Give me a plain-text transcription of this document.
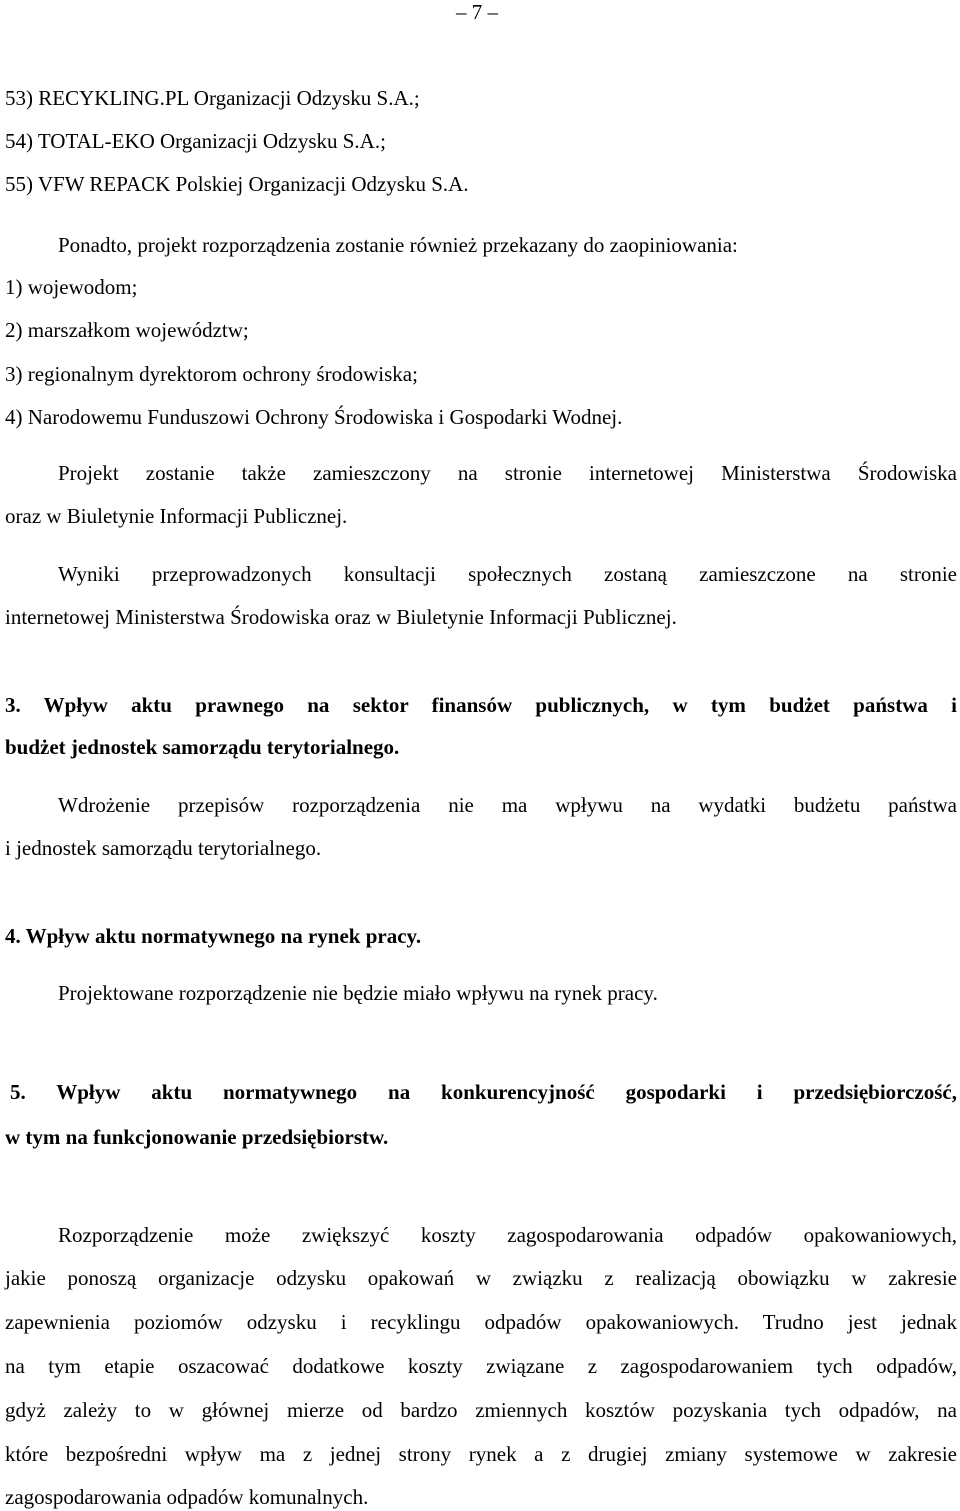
– 7 –
53) RECYKLING.PL Organizacji Odzysku S.A.;
54) TOTAL-EKO Organizacji Odzysku S.A.;
55) VFW REPACK Polskiej Organizacji Odzysku S.A.
Ponadto, projekt rozporządzenia zostanie również przekazany do zaopiniowania:
1) wojewodom;
2) marszałkom województw;
3) regionalnym dyrektorom ochrony środowiska;
4) Narodowemu Funduszowi Ochrony Środowiska i Gospodarki Wodnej.
Projekt zostanie także zamieszczony na stronie internetowej Ministerstwa Środowiska
oraz w Biuletynie Informacji Publicznej.
Wyniki przeprowadzonych konsultacji społecznych zostaną zamieszczone na stronie
internetowej Ministerstwa Środowiska oraz w Biuletynie Informacji Publicznej.
3. Wpływ aktu prawnego na sektor finansów publicznych, w tym budżet państwa i
budżet jednostek samorządu terytorialnego.
Wdrożenie przepisów rozporządzenia nie ma wpływu na wydatki budżetu państwa
i jednostek samorządu terytorialnego.
4. Wpływ aktu normatywnego na rynek pracy.
Projektowane rozporządzenie nie będzie miało wpływu na rynek pracy.
5. Wpływ aktu normatywnego na konkurencyjność gospodarki i przedsiębiorczość,
w tym na funkcjonowanie przedsiębiorstw.
Rozporządzenie może zwiększyć koszty zagospodarowania odpadów opakowaniowych,
jakie ponoszą organizacje odzysku opakowań w związku z realizacją obowiązku w zakresie
zapewnienia poziomów odzysku i recyklingu odpadów opakowaniowych. Trudno jest jednak
na tym etapie oszacować dodatkowe koszty związane z zagospodarowaniem tych odpadów,
gdyż zależy to w głównej mierze od bardzo zmiennych kosztów pozyskania tych odpadów, na
które bezpośredni wpływ ma z jednej strony rynek a z drugiej zmiany systemowe w zakresie
zagospodarowania odpadów komunalnych.
